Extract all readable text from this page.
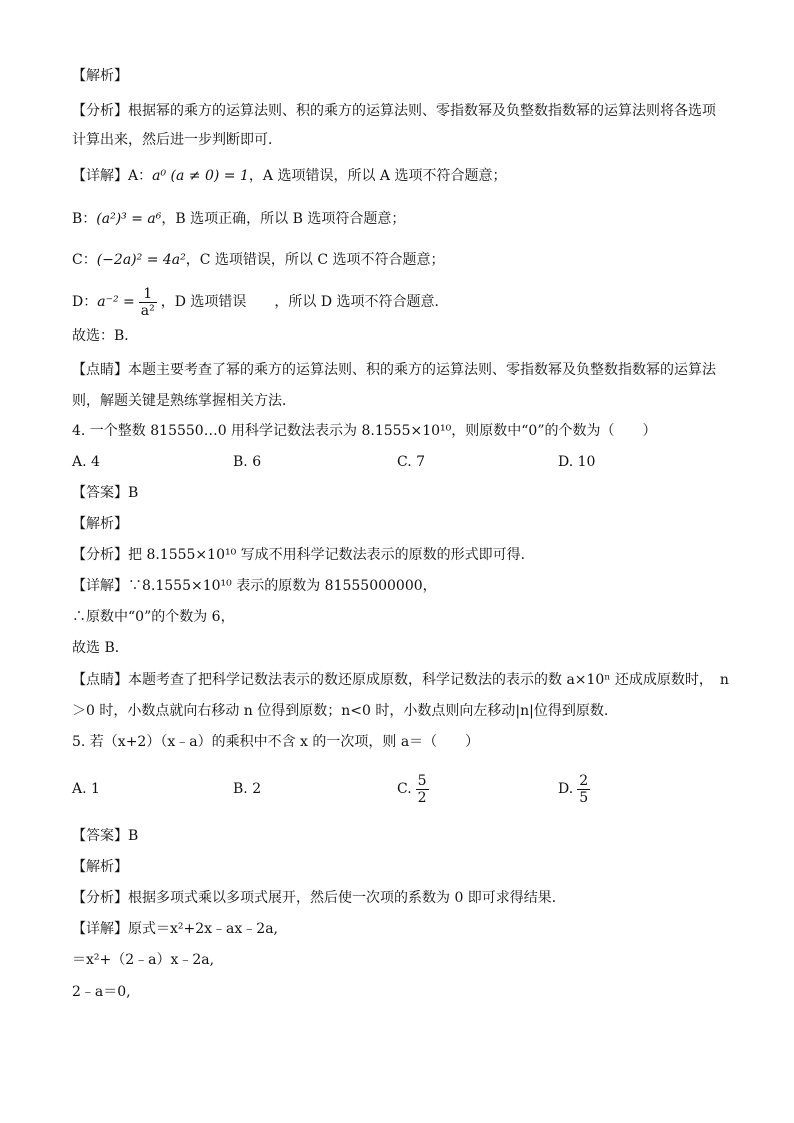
【解析】
【分析】根据幂的乘方的运算法则、积的乘方的运算法则、零指数幂及负整数指数幂的运算法则将各选项
计算出来，然后进一步判断即可．
【详解】A：a⁰ (a ≠ 0) = 1，A 选项错误，所以 A 选项不符合题意；
B：(a²)³ = a⁶，B 选项正确，所以 B 选项符合题意；
C：(−2a)² = 4a²，C 选项错误，所以 C 选项不符合题意；
D：$a^{-2} = \frac{1}{\text{a²}}$ ，D 选项错误　　，所以 D 选项不符合题意．
故选：B．
【点睛】本题主要考查了幂的乘方的运算法则、积的乘方的运算法则、零指数幂及负整数指数幂的运算法
则，解题关键是熟练掌握相关方法．
4. 一个整数 815550…0 用科学记数法表示为 8.1555×10¹⁰，则原数中“0”的个数为（　　）
A. 4	B. 6	C. 7	D. 10
【答案】B
【解析】
【分析】把 8.1555×10¹⁰ 写成不用科学记数法表示的原数的形式即可得．
【详解】∵8.1555×10¹⁰ 表示的原数为 81555000000，
∴原数中“0”的个数为 6，
故选 B．
【点睛】本题考查了把科学记数法表示的数还原成原数，科学记数法的表示的数 a×10ⁿ 还成成原数时，　n
＞0 时，小数点就向右移动 n 位得到原数；n<0 时，小数点则向左移动|n|位得到原数.
5. 若（x+2）（x﹣a）的乘积中不含 x 的一次项，则 a＝（　　）
A. 1	B. 2	C. $\frac{5}{2}$	D. $\frac{2}{5}$
【答案】B
【解析】
【分析】根据多项式乘以多项式展开，然后使一次项的系数为 0 即可求得结果．
【详解】原式＝x²+2x﹣ax﹣2a,
＝x²+（2﹣a）x﹣2a,
2﹣a＝0,
